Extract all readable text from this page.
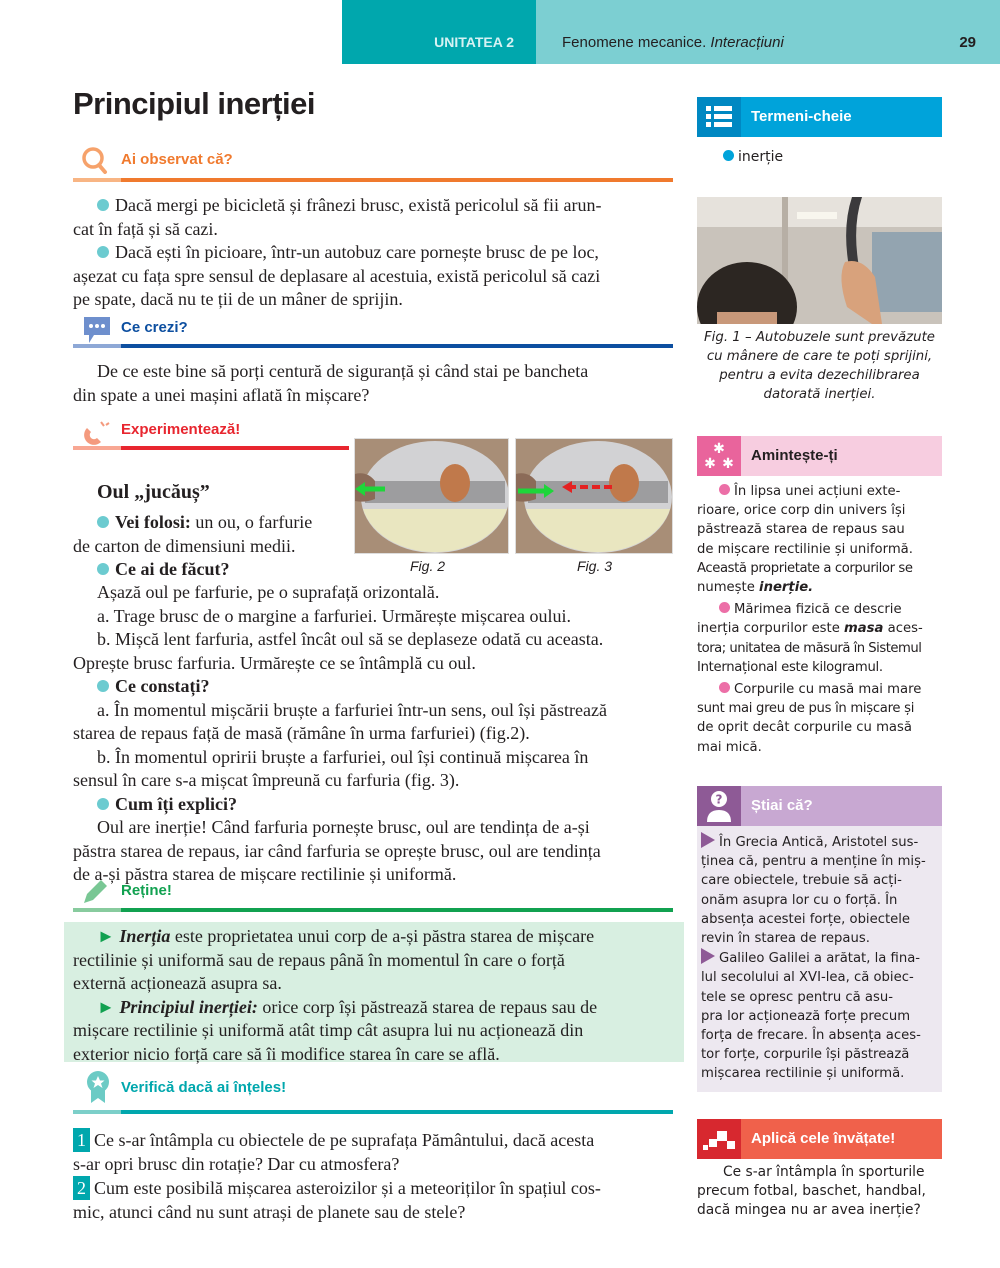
UNITATEA 2	Fenomene mecanice. Interacțiuni	29
Principiul inerției
Ai observat că?
Dacă mergi pe bicicletă și frânezi brusc, există pericolul să fii arun-
cat în față și să cazi.
Dacă ești în picioare, într-un autobuz care pornește brusc de pe loc,
așezat cu fața spre sensul de deplasare al acestuia, există pericolul să cazi
pe spate, dacă nu te ții de un mâner de sprijin.
Ce crezi?
De ce este bine să porți centură de siguranță și când stai pe bancheta
din spate a unei mașini aflată în mișcare?
Experimentează!
Fig. 2	Fig. 3
Oul „jucăuș”
Vei folosi: un ou, o farfurie
de carton de dimensiuni medii.
Ce ai de făcut?
Așază oul pe farfurie, pe o suprafață orizontală.
a. Trage brusc de o margine a farfuriei. Urmărește mișcarea oului.
b. Mișcă lent farfuria, astfel încât oul să se deplaseze odată cu aceasta.
Oprește brusc farfuria. Urmărește ce se întâmplă cu oul.
Ce constați?
a. În momentul mișcării bruște a farfuriei într-un sens, oul își păstrează
starea de repaus față de masă (rămâne în urma farfuriei) (fig.2).
b. În momentul opririi bruște a farfuriei, oul își continuă mișcarea în
sensul în care s-a mișcat împreună cu farfuria (fig. 3).
Cum îți explici?
Oul are inerție! Când farfuria pornește brusc, oul are tendința de a-și
păstra starea de repaus, iar când farfuria se oprește brusc, oul are tendința
de a-și păstra starea de mișcare rectilinie și uniformă.
Reține!
► Inerția este proprietatea unui corp de a-și păstra starea de mișcare
rectilinie și uniformă sau de repaus până în momentul în care o forță
externă acționează asupra sa.
► Principiul inerției: orice corp își păstrează starea de repaus sau de
mișcare rectilinie și uniformă atât timp cât asupra lui nu acționează din
exterior nicio forță care să îi modifice starea în care se află.
Verifică dacă ai înțeles!
1 Ce s-ar întâmpla cu obiectele de pe suprafața Pământului, dacă acesta
s-ar opri brusc din rotație? Dar cu atmosfera?
2 Cum este posibilă mișcarea asteroizilor și a meteoriților în spațiul cos-
mic, atunci când nu sunt atrași de planete sau de stele?
Termeni-cheie
inerție
Fig. 1 – Autobuzele sunt prevăzute
cu mânere de care te poți sprijini,
pentru a evita dezechilibrarea
datorată inerției.
✱
✱ ✱ Amintește-ți
În lipsa unei acțiuni exte-
rioare, orice corp din univers își
păstrează starea de repaus sau
de mișcare rectilinie și uniformă.
Această proprietate a corpurilor se
numește inerție.
Mărimea fizică ce descrie
inerția corpurilor este masa aces-
tora; unitatea de măsură în Sistemul
Internațional este kilogramul.
Corpurile cu masă mai mare
sunt mai greu de pus în mișcare și
de oprit decât corpurile cu masă
mai mică.
? Știai că?
În Grecia Antică, Aristotel sus-
ținea că, pentru a menține în miș-
care obiectele, trebuie să acți-
onăm asupra lor cu o forță. În
absența acestei forțe, obiectele
revin în starea de repaus.
Galileo Galilei a arătat, la fina-
lul secolului al XVI-lea, că obiec-
tele se opresc pentru că asu-
pra lor acționează forțe precum
forța de frecare. În absența aces-
tor forțe, corpurile își păstrează
mișcarea rectilinie și uniformă.
Aplică cele învățate!
Ce s-ar întâmpla în sporturile
precum fotbal, baschet, handbal,
dacă mingea nu ar avea inerție?
